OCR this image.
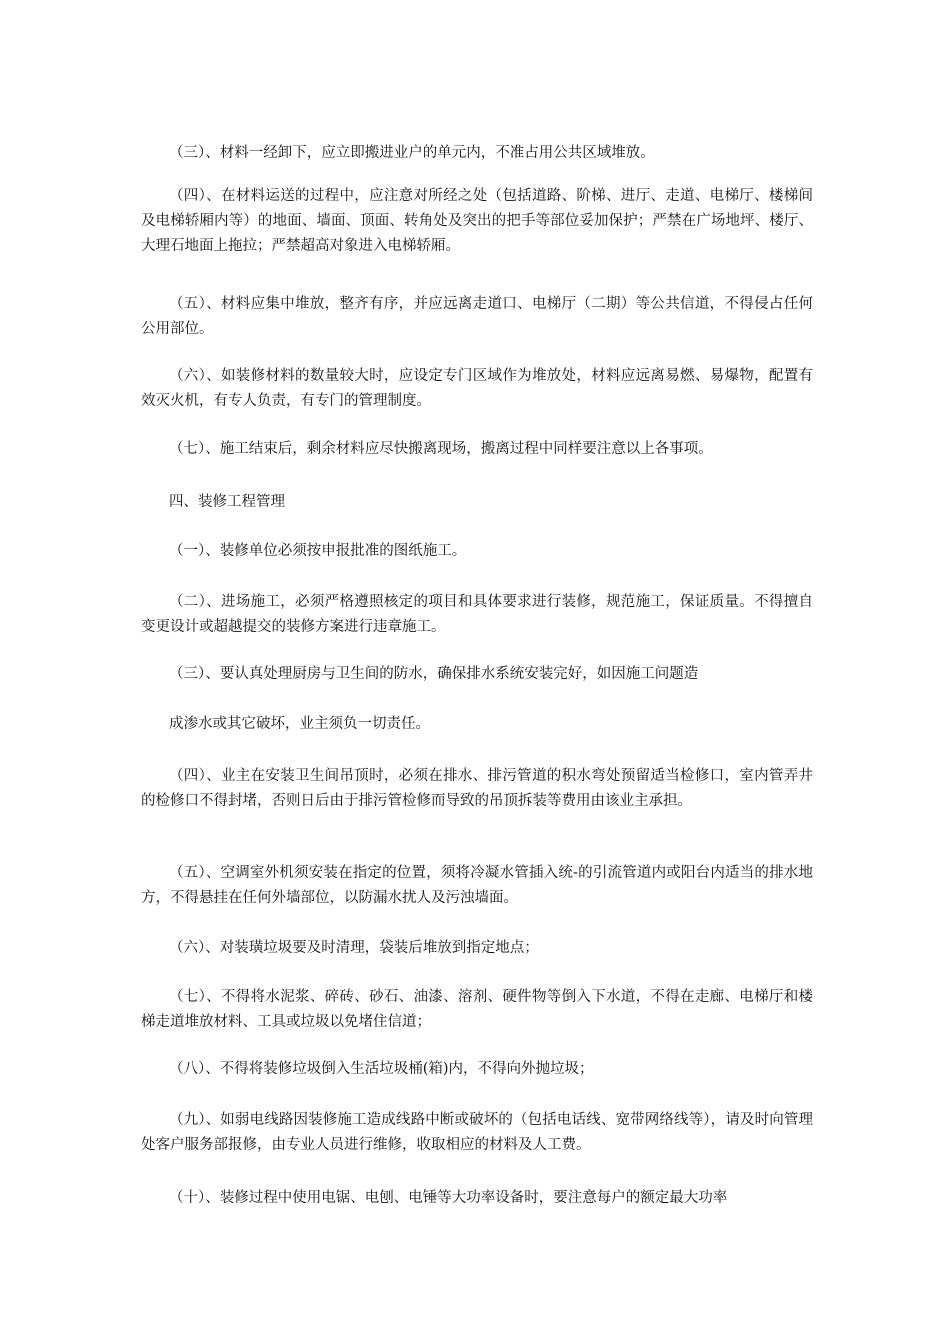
（三）、材料一经卸下，应立即搬进业户的单元内，不准占用公共区域堆放。

（四）、在材料运送的过程中，应注意对所经之处（包括道路、阶梯、进厅、走道、电梯厅、楼梯间及电梯轿厢内等）的地面、墙面、顶面、转角处及突出的把手等部位妥加保护；严禁在广场地坪、楼厅、大理石地面上拖拉；严禁超高对象进入电梯轿厢。

（五）、材料应集中堆放，整齐有序，并应远离走道口、电梯厅（二期）等公共信道，不得侵占任何公用部位。

（六）、如装修材料的数量较大时，应设定专门区域作为堆放处，材料应远离易燃、易爆物，配置有效灭火机，有专人负责，有专门的管理制度。

（七）、施工结束后，剩余材料应尽快搬离现场，搬离过程中同样要注意以上各事项。

四、装修工程管理

（一）、装修单位必须按申报批准的图纸施工。

（二）、进场施工，必须严格遵照核定的项目和具体要求进行装修，规范施工，保证质量。不得擅自变更设计或超越提交的装修方案进行违章施工。

（三）、要认真处理厨房与卫生间的防水，确保排水系统安装完好，如因施工问题造

成渗水或其它破坏，业主须负一切责任。

（四）、业主在安装卫生间吊顶时，必须在排水、排污管道的积水弯处预留适当检修口，室内管弄井的检修口不得封堵，否则日后由于排污管检修而导致的吊顶拆装等费用由该业主承担。

（五）、空调室外机须安装在指定的位置，须将冷凝水管插入统-的引流管道内或阳台内适当的排水地方，不得悬挂在任何外墙部位，以防漏水扰人及污浊墙面。

（六）、对装璜垃圾要及时清理，袋装后堆放到指定地点；

（七）、不得将水泥浆、碎砖、砂石、油漆、溶剂、硬件物等倒入下水道，不得在走廊、电梯厅和楼梯走道堆放材料、工具或垃圾以免堵住信道；

（八）、不得将装修垃圾倒入生活垃圾桶(箱)内，不得向外抛垃圾；

（九）、如弱电线路因装修施工造成线路中断或破坏的（包括电话线、宽带网络线等），请及时向管理处客户服务部报修，由专业人员进行维修，收取相应的材料及人工费。

（十）、装修过程中使用电锯、电刨、电锤等大功率设备时，要注意每户的额定最大功率
